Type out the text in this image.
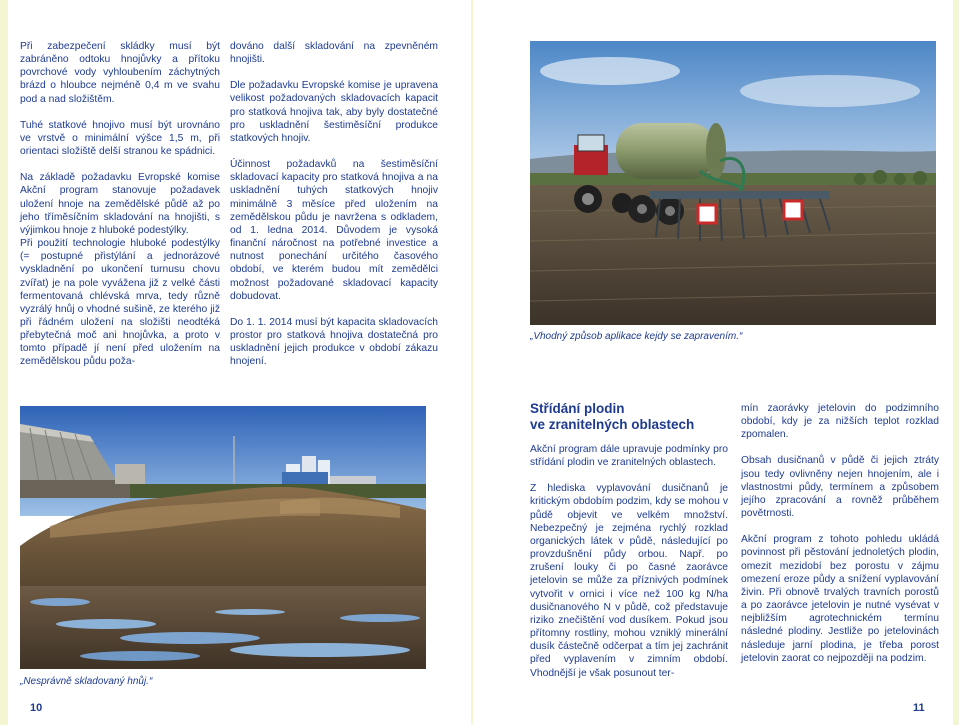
Při zabezpečení skládky musí být zabráněno odtoku hnojůvky a přítoku povrchové vody vyhloubením záchytných brázd o hloubce nejméně 0,4 m ve svahu pod a nad složištěm.

Tuhé statkové hnojivo musí být urovnáno ve vrstvě o minimální výšce 1,5 m, při orientaci složiště delší stranou ke spádnici.

Na základě požadavku Evropské komise Akční program stanovuje požadavek uložení hnoje na zemědělské půdě až po jeho tříměsíčním skladování na hnojišti, s výjimkou hnoje z hluboké podestýlky.

Při použití technologie hluboké podestýlky (= postupné přistýlání a jednorázové vyskladnění po ukončení turnusu chovu zvířat) je na pole vyvážena již z velké části fermentovaná chlévská mrva, tedy různě vyzrálý hnůj o vhodné sušině, ze kterého již při řádném uložení na složišti neodtéká přebytečná moč ani hnojůvka, a proto v tomto případě jí není před uložením na zemědělskou půdu poža-

dováno další skladování na zpevněném hnojišti.

Dle požadavku Evropské komise je upravena velikost požadovaných skladovacích kapacit pro statková hnojiva tak, aby byly dostatečné pro uskladnění šestiměsíční produkce statkových hnojiv.

Účinnost požadavků na šestiměsíční skladovací kapacity pro statková hnojiva a na uskladnění tuhých statkových hnojiv minimálně 3 měsíce před uložením na zemědělskou půdu je navržena s odkladem, od 1. ledna 2014. Důvodem je vysoká finanční náročnost na potřebné investice a nutnost ponechání určitého časového období, ve kterém budou mít zemědělci možnost požadované skladovací kapacity dobudovat.

Do 1. 1. 2014 musí být kapacita skladovacích prostor pro statková hnojiva dostatečná pro uskladnění jejich produkce v období zákazu hnojení.

„Nesprávně skladovaný hnůj.“
10
„Vhodný způsob aplikace kejdy se zapravením.“
Střídání plodin
ve zranitelných oblastech

Akční program dále upravuje podmínky pro střídání plodin ve zranitelných oblastech.

Z hlediska vyplavování dusičnanů je kritickým obdobím podzim, kdy se mohou v půdě objevit ve velkém množství. Nebezpečný je zejména rychlý rozklad organických látek v půdě, následující po provzdušnění půdy orbou. Např. po zrušení louky či po časné zaorávce jetelovin se může za příznivých podmínek vytvořit v ornici i více než 100 kg N/ha dusičnanového N v půdě, což představuje riziko znečištění vod dusíkem. Pokud jsou přítomny rostliny, mohou vzniklý minerální dusík částečně odčerpat a tím jej zachránit před vyplavením v zimním období. Vhodnější je však posunout ter-

mín zaorávky jetelovin do podzimního období, kdy je za nižších teplot rozklad zpomalen.

Obsah dusičnanů v půdě či jejich ztráty jsou tedy ovlivněny nejen hnojením, ale i vlastnostmi půdy, termínem a způsobem jejího zpracování a rovněž průběhem povětrnosti.

Akční program z tohoto pohledu ukládá povinnost při pěstování jednoletých plodin, omezit mezidobí bez porostu v zájmu omezení eroze půdy a snížení vyplavování živin. Při obnově trvalých travních porostů a po zaorávce jetelovin je nutné vysévat v nejbližším agrotechnickém termínu následné plodiny. Jestliže po jetelovinách následuje jarní plodina, je třeba porost jetelovin zaorat co nejpozději na podzim.

11
